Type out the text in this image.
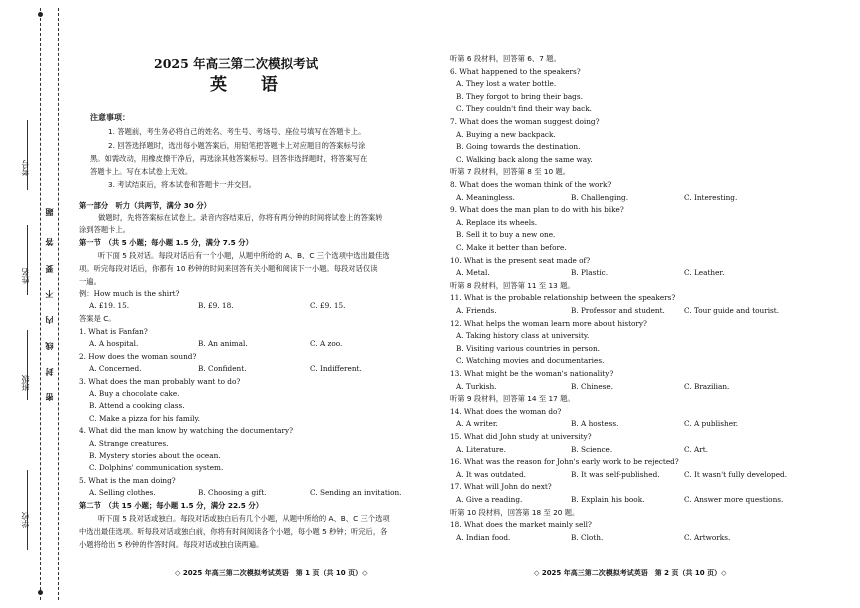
考号
姓名
班级
学校
题
答
要
不
内
线
封
密
2025 年高三第二次模拟考试
英 语
注意事项：
1. 答题前，考生务必将自己的姓名、考生号、考场号、座位号填写在答题卡上。
2. 回答选择题时，选出每小题答案后，用铅笔把答题卡上对应题目的答案标号涂
黑。如需改动，用橡皮擦干净后，再选涂其他答案标号。回答非选择题时，将答案写在
答题卡上。写在本试卷上无效。
3. 考试结束后，将本试卷和答题卡一并交回。
第一部分　听力（共两节，满分 30 分）
做题时，先将答案标在试卷上。录音内容结束后，你将有两分钟的时间将试卷上的答案转
涂到答题卡上。
第一节　（共 5 小题；每小题 1.5 分，满分 7.5 分）
听下面 5 段对话。每段对话后有一个小题，从题中所给的 A、B、C 三个选项中选出最佳选
项。听完每段对话后，你都有 10 秒钟的时间来回答有关小题和阅读下一小题。每段对话仅读
一遍。
例：How much is the shirt?
A. £19. 15.	B. £9. 18.	C. £9. 15.
答案是 C。
1. What is Fanfan?
A. A hospital.	B. An animal.	C. A zoo.
2. How does the woman sound?
A. Concerned.	B. Confident.	C. Indifferent.
3. What does the man probably want to do?
A. Buy a chocolate cake.
B. Attend a cooking class.
C. Make a pizza for his family.
4. What did the man know by watching the documentary?
A. Strange creatures.
B. Mystery stories about the ocean.
C. Dolphins' communication system.
5. What is the man doing?
A. Selling clothes.	B. Choosing a gift.	C. Sending an invitation.
第二节　（共 15 小题；每小题 1.5 分，满分 22.5 分）
听下面 5 段对话或独白。每段对话或独白后有几个小题，从题中所给的 A、B、C 三个选项
中选出最佳选项。听每段对话或独白前，你将有时间阅读各个小题，每小题 5 秒钟；听完后，各
小题将给出 5 秒钟的作答时间。每段对话或独白读两遍。
◇ 2025 年高三第二次模拟考试英语　第 1 页（共 10 页）◇
听第 6 段材料，回答第 6、7 题。
6. What happened to the speakers?
A. They lost a water bottle.
B. They forgot to bring their bags.
C. They couldn't find their way back.
7. What does the woman suggest doing?
A. Buying a new backpack.
B. Going towards the destination.
C. Walking back along the same way.
听第 7 段材料，回答第 8 至 10 题。
8. What does the woman think of the work?
A. Meaningless.	B. Challenging.	C. Interesting.
9. What does the man plan to do with his bike?
A. Replace its wheels.
B. Sell it to buy a new one.
C. Make it better than before.
10. What is the present seat made of?
A. Metal.	B. Plastic.	C. Leather.
听第 8 段材料，回答第 11 至 13 题。
11. What is the probable relationship between the speakers?
A. Friends.	B. Professor and student.	C. Tour guide and tourist.
12. What helps the woman learn more about history?
A. Taking history class at university.
B. Visiting various countries in person.
C. Watching movies and documentaries.
13. What might be the woman's nationality?
A. Turkish.	B. Chinese.	C. Brazilian.
听第 9 段材料，回答第 14 至 17 题。
14. What does the woman do?
A. A writer.	B. A hostess.	C. A publisher.
15. What did John study at university?
A. Literature.	B. Science.	C. Art.
16. What was the reason for John's early work to be rejected?
A. It was outdated.	B. It was self-published.	C. It wasn't fully developed.
17. What will John do next?
A. Give a reading.	B. Explain his book.	C. Answer more questions.
听第 10 段材料，回答第 18 至 20 题。
18. What does the market mainly sell?
A. Indian food.	B. Cloth.	C. Artworks.
◇ 2025 年高三第二次模拟考试英语　第 2 页（共 10 页）◇
